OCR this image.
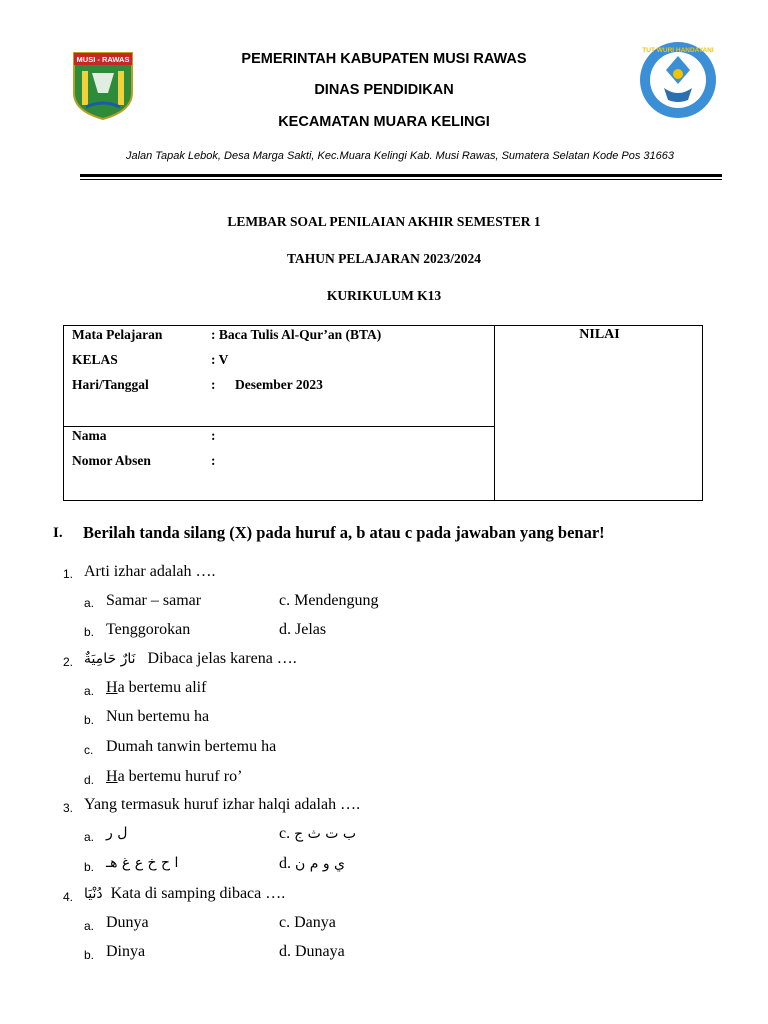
MUSI - RAWAS
TUT WURI HANDAYANI
PEMERINTAH KABUPATEN MUSI RAWAS
DINAS PENDIDIKAN
KECAMATAN MUARA KELINGI
Jalan Tapak Lebok, Desa Marga Sakti, Kec.Muara Kelingi Kab. Musi Rawas, Sumatera Selatan Kode Pos 31663
LEMBAR SOAL PENILAIAN AKHIR SEMESTER 1
TAHUN PELAJARAN 2023/2024
KURIKULUM K13
NILAI
Mata Pelajaran	: Baca Tulis Al-Qur’an (BTA)
KELAS	: V
Hari/Tanggal	: Desember 2023
Nama	:
Nomor Absen	:
I. Berilah tanda silang (X) pada huruf a, b atau c pada jawaban yang benar!
1. Arti izhar adalah ….
a. Samar – samar	c. Mendengung
b. Tenggorokan	d. Jelas
2. نَارٌ حَامِيَةٌ Dibaca jelas karena ….
a. Ha bertemu alif
b. Nun bertemu ha
c. Dumah tanwin bertemu ha
d. Ha bertemu huruf ro’
3. Yang termasuk huruf izhar halqi adalah ….
a. ل ر	c. ب ت ث ج
b. ا ح خ ع غ هـ	d. ي و م ن
4. دُنْيَا Kata di samping dibaca ….
a. Dunya	c. Danya
b. Dinya	d. Dunaya
